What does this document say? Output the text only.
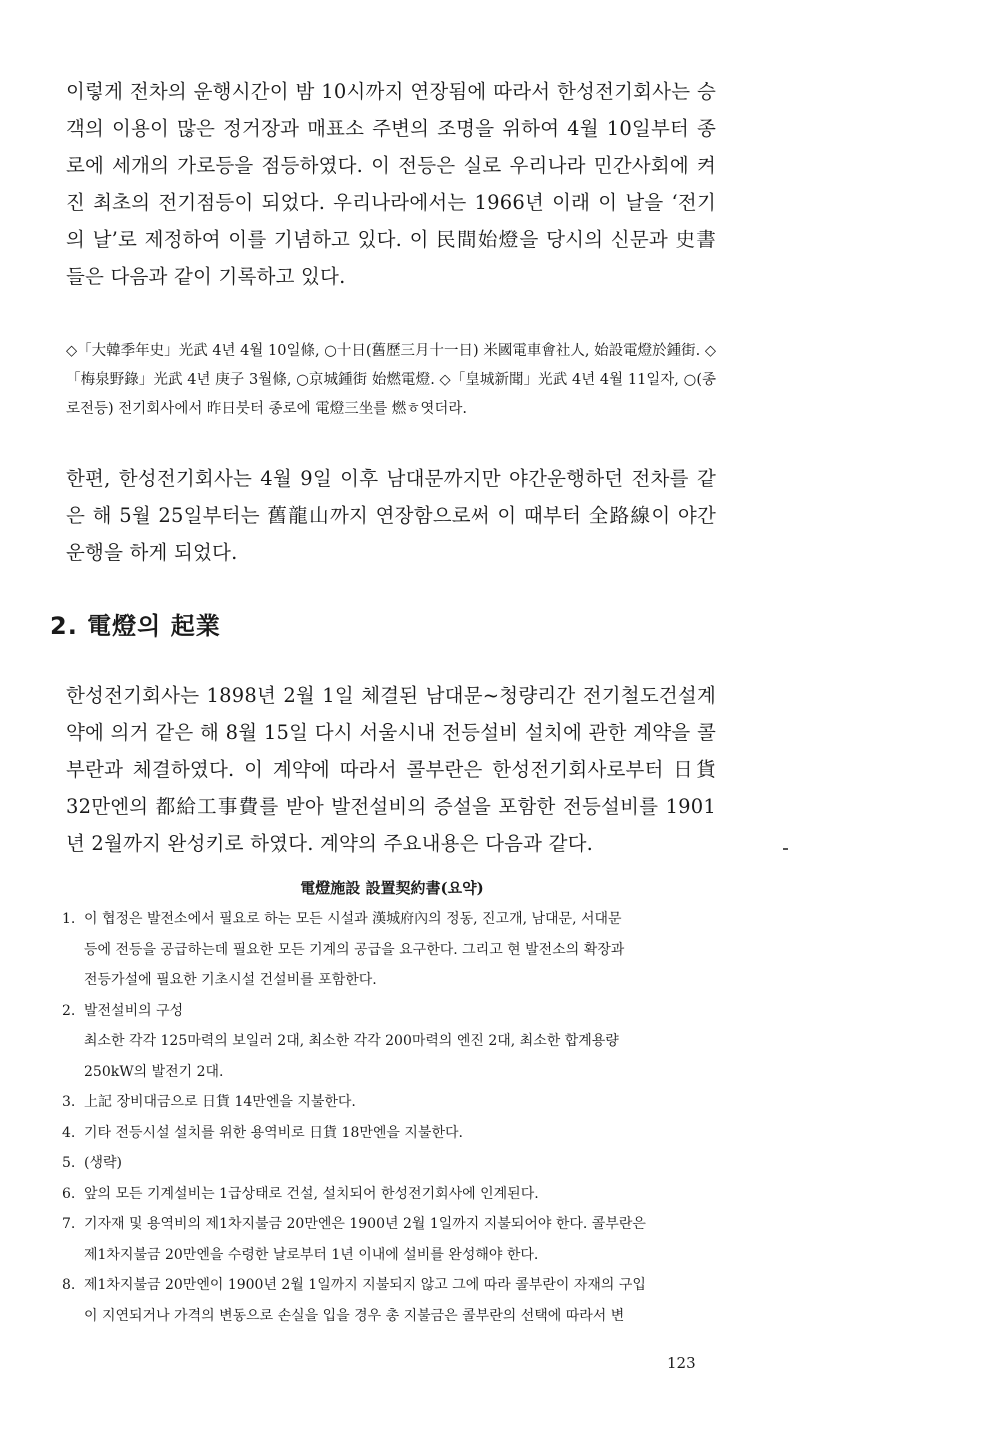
이렇게 전차의 운행시간이 밤 10시까지 연장됨에 따라서 한성전기회사는 승객의 이용이 많은 정거장과 매표소 주변의 조명을 위하여 4월 10일부터 종로에 세개의 가로등을 점등하였다. 이 전등은 실로 우리나라 민간사회에 켜진 최초의 전기점등이 되었다. 우리나라에서는 1966년 이래 이 날을 ‘전기의 날’로 제정하여 이를 기념하고 있다. 이 民間始燈을 당시의 신문과 史書들은 다음과 같이 기록하고 있다.
◇「大韓季年史」光武 4년 4월 10일條, ○十日(舊歷三月十一日) 米國電車會社人, 始設電燈於鍾街. ◇「梅泉野錄」光武 4년 庚子 3월條, ○京城鍾街 始燃電燈. ◇「皇城新聞」光武 4년 4월 11일자, ○(종로전등) 전기회사에서 昨日붓터 종로에 電燈三坐를 燃ㅎ엿더라.
한편, 한성전기회사는 4월 9일 이후 남대문까지만 야간운행하던 전차를 같은 해 5월 25일부터는 舊龍山까지 연장함으로써 이 때부터 全路線이 야간운행을 하게 되었다.
2. 電燈의 起業
한성전기회사는 1898년 2월 1일 체결된 남대문~청량리간 전기철도건설계약에 의거 같은 해 8월 15일 다시 서울시내 전등설비 설치에 관한 계약을 콜부란과 체결하였다. 이 계약에 따라서 콜부란은 한성전기회사로부터 日貨 32만엔의 都給工事費를 받아 발전설비의 증설을 포함한 전등설비를 1901년 2월까지 완성키로 하였다. 계약의 주요내용은 다음과 같다.
電燈施設 設置契約書(요약)
1. 이 협정은 발전소에서 필요로 하는 모든 시설과 漢城府內의 정동, 진고개, 남대문, 서대문
등에 전등을 공급하는데 필요한 모든 기계의 공급을 요구한다. 그리고 현 발전소의 확장과
전등가설에 필요한 기초시설 건설비를 포함한다.
2. 발전설비의 구성
최소한 각각 125마력의 보일러 2대, 최소한 각각 200마력의 엔진 2대, 최소한 합계용량
250kW의 발전기 2대.
3. 上記 장비대금으로 日貨 14만엔을 지불한다.
4. 기타 전등시설 설치를 위한 용역비로 日貨 18만엔을 지불한다.
5. (생략)
6. 앞의 모든 기계설비는 1급상태로 건설, 설치되어 한성전기회사에 인계된다.
7. 기자재 및 용역비의 제1차지불금 20만엔은 1900년 2월 1일까지 지불되어야 한다. 콜부란은
제1차지불금 20만엔을 수령한 날로부터 1년 이내에 설비를 완성해야 한다.
8. 제1차지불금 20만엔이 1900년 2월 1일까지 지불되지 않고 그에 따라 콜부란이 자재의 구입
이 지연되거나 가격의 변동으로 손실을 입을 경우 총 지불금은 콜부란의 선택에 따라서 변
123
